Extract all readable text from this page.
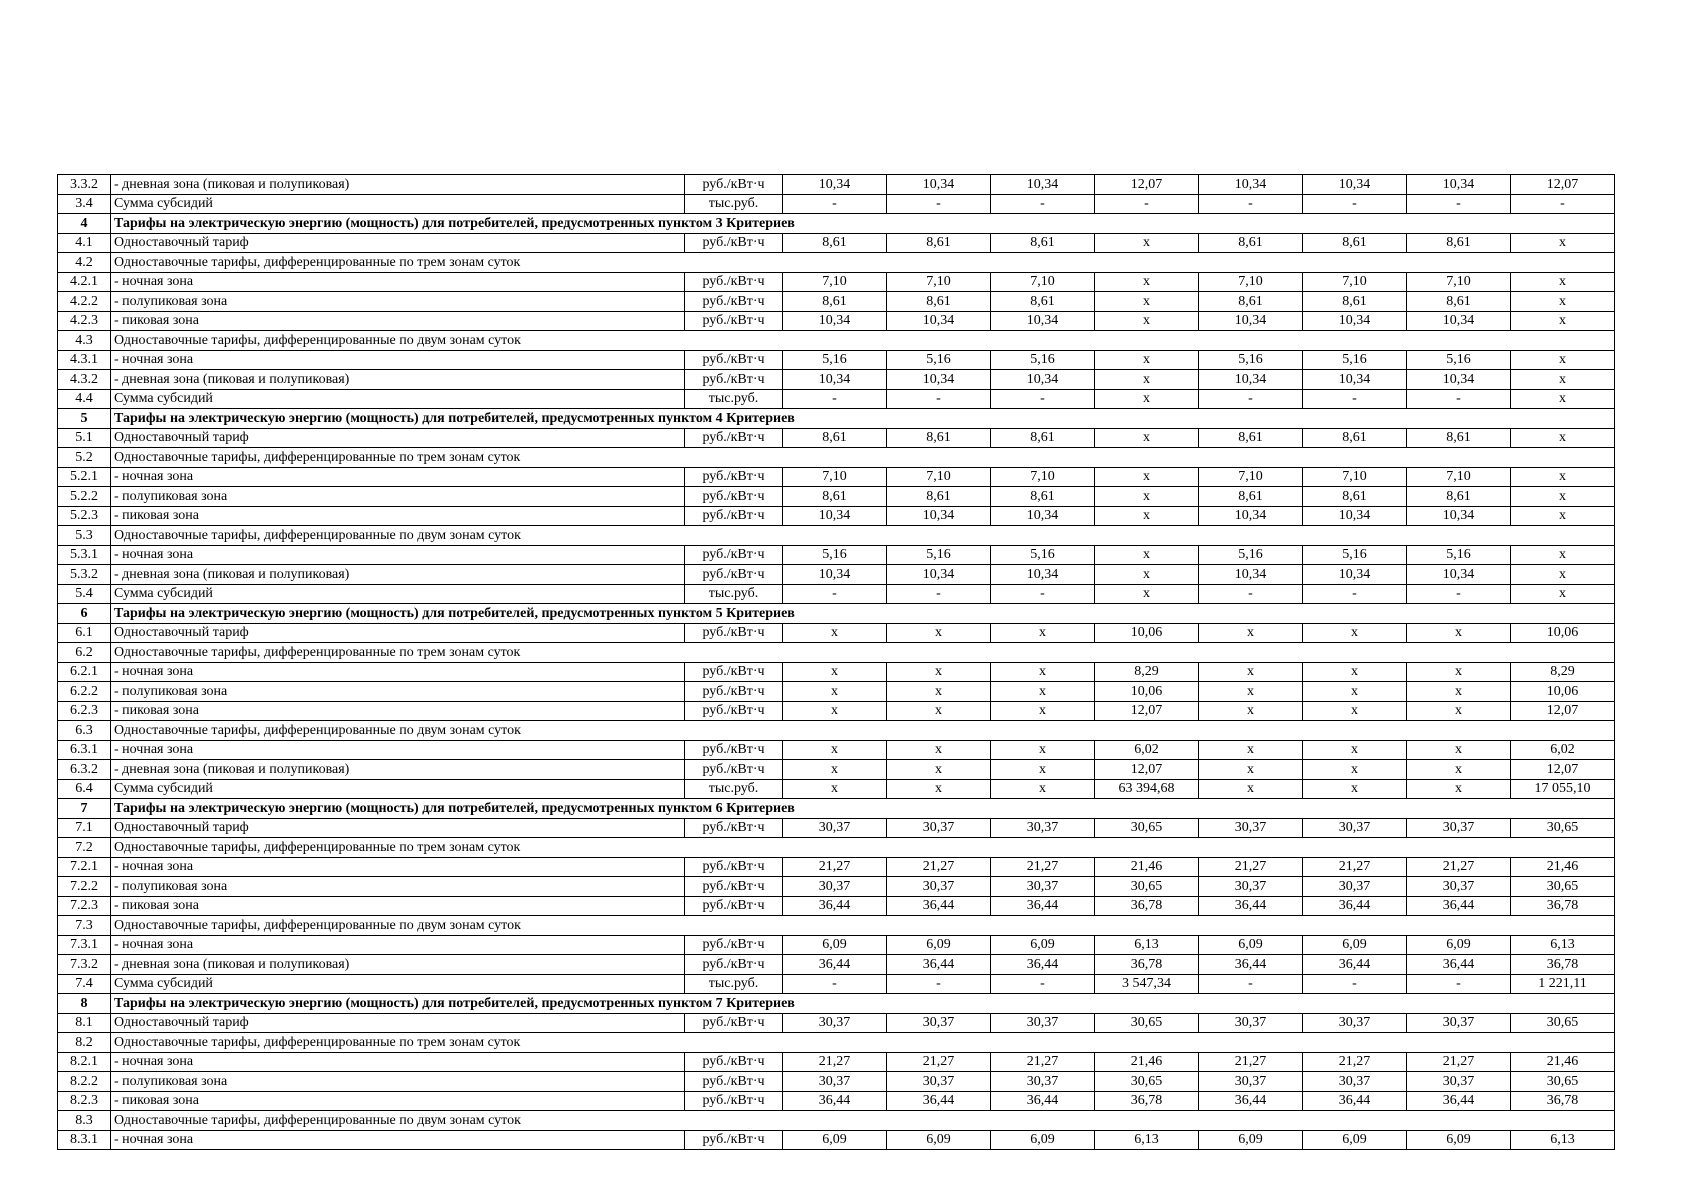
3.3.2	- дневная зона (пиковая и полупиковая)	руб./кВт·ч	10,34	10,34	10,34	12,07	10,34	10,34	10,34	12,07
3.4	Сумма субсидий	тыс.руб.	-	-	-	-	-	-	-	-
4	Тарифы на электрическую энергию (мощность) для потребителей, предусмотренных пунктом 3 Критериев									
4.1	Одноставочный тариф	руб./кВт·ч	8,61	8,61	8,61	x	8,61	8,61	8,61	x
4.2	Одноставочные тарифы, дифференцированные по трем зонам суток									
4.2.1	- ночная зона	руб./кВт·ч	7,10	7,10	7,10	x	7,10	7,10	7,10	x
4.2.2	- полупиковая зона	руб./кВт·ч	8,61	8,61	8,61	x	8,61	8,61	8,61	x
4.2.3	- пиковая зона	руб./кВт·ч	10,34	10,34	10,34	x	10,34	10,34	10,34	x
4.3	Одноставочные тарифы, дифференцированные по двум зонам суток									
4.3.1	- ночная зона	руб./кВт·ч	5,16	5,16	5,16	x	5,16	5,16	5,16	x
4.3.2	- дневная зона (пиковая и полупиковая)	руб./кВт·ч	10,34	10,34	10,34	x	10,34	10,34	10,34	x
4.4	Сумма субсидий	тыс.руб.	-	-	-	x	-	-	-	x
5	Тарифы на электрическую энергию (мощность) для потребителей, предусмотренных пунктом 4 Критериев									
5.1	Одноставочный тариф	руб./кВт·ч	8,61	8,61	8,61	x	8,61	8,61	8,61	x
5.2	Одноставочные тарифы, дифференцированные по трем зонам суток									
5.2.1	- ночная зона	руб./кВт·ч	7,10	7,10	7,10	x	7,10	7,10	7,10	x
5.2.2	- полупиковая зона	руб./кВт·ч	8,61	8,61	8,61	x	8,61	8,61	8,61	x
5.2.3	- пиковая зона	руб./кВт·ч	10,34	10,34	10,34	x	10,34	10,34	10,34	x
5.3	Одноставочные тарифы, дифференцированные по двум зонам суток									
5.3.1	- ночная зона	руб./кВт·ч	5,16	5,16	5,16	x	5,16	5,16	5,16	x
5.3.2	- дневная зона (пиковая и полупиковая)	руб./кВт·ч	10,34	10,34	10,34	x	10,34	10,34	10,34	x
5.4	Сумма субсидий	тыс.руб.	-	-	-	x	-	-	-	x
6	Тарифы на электрическую энергию (мощность) для потребителей, предусмотренных пунктом 5 Критериев									
6.1	Одноставочный тариф	руб./кВт·ч	x	x	x	10,06	x	x	x	10,06
6.2	Одноставочные тарифы, дифференцированные по трем зонам суток									
6.2.1	- ночная зона	руб./кВт·ч	x	x	x	8,29	x	x	x	8,29
6.2.2	- полупиковая зона	руб./кВт·ч	x	x	x	10,06	x	x	x	10,06
6.2.3	- пиковая зона	руб./кВт·ч	x	x	x	12,07	x	x	x	12,07
6.3	Одноставочные тарифы, дифференцированные по двум зонам суток									
6.3.1	- ночная зона	руб./кВт·ч	x	x	x	6,02	x	x	x	6,02
6.3.2	- дневная зона (пиковая и полупиковая)	руб./кВт·ч	x	x	x	12,07	x	x	x	12,07
6.4	Сумма субсидий	тыс.руб.	x	x	x	63 394,68	x	x	x	17 055,10
7	Тарифы на электрическую энергию (мощность) для потребителей, предусмотренных пунктом 6 Критериев									
7.1	Одноставочный тариф	руб./кВт·ч	30,37	30,37	30,37	30,65	30,37	30,37	30,37	30,65
7.2	Одноставочные тарифы, дифференцированные по трем зонам суток									
7.2.1	- ночная зона	руб./кВт·ч	21,27	21,27	21,27	21,46	21,27	21,27	21,27	21,46
7.2.2	- полупиковая зона	руб./кВт·ч	30,37	30,37	30,37	30,65	30,37	30,37	30,37	30,65
7.2.3	- пиковая зона	руб./кВт·ч	36,44	36,44	36,44	36,78	36,44	36,44	36,44	36,78
7.3	Одноставочные тарифы, дифференцированные по двум зонам суток									
7.3.1	- ночная зона	руб./кВт·ч	6,09	6,09	6,09	6,13	6,09	6,09	6,09	6,13
7.3.2	- дневная зона (пиковая и полупиковая)	руб./кВт·ч	36,44	36,44	36,44	36,78	36,44	36,44	36,44	36,78
7.4	Сумма субсидий	тыс.руб.	-	-	-	3 547,34	-	-	-	1 221,11
8	Тарифы на электрическую энергию (мощность) для потребителей, предусмотренных пунктом 7 Критериев									
8.1	Одноставочный тариф	руб./кВт·ч	30,37	30,37	30,37	30,65	30,37	30,37	30,37	30,65
8.2	Одноставочные тарифы, дифференцированные по трем зонам суток									
8.2.1	- ночная зона	руб./кВт·ч	21,27	21,27	21,27	21,46	21,27	21,27	21,27	21,46
8.2.2	- полупиковая зона	руб./кВт·ч	30,37	30,37	30,37	30,65	30,37	30,37	30,37	30,65
8.2.3	- пиковая зона	руб./кВт·ч	36,44	36,44	36,44	36,78	36,44	36,44	36,44	36,78
8.3	Одноставочные тарифы, дифференцированные по двум зонам суток									
8.3.1	- ночная зона	руб./кВт·ч	6,09	6,09	6,09	6,13	6,09	6,09	6,09	6,13
